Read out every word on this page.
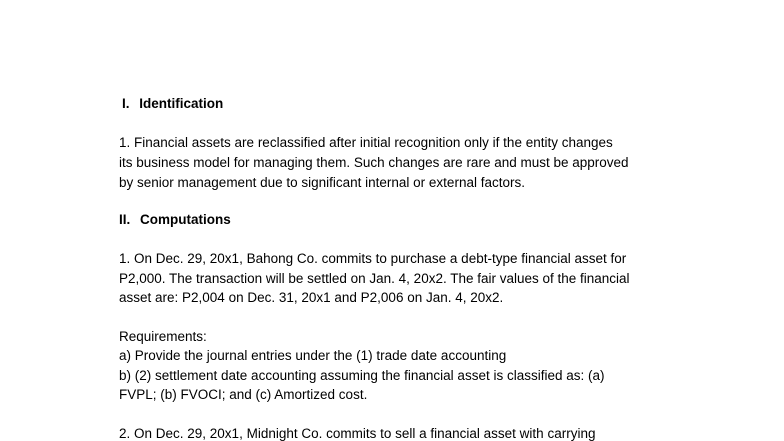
I. Identification
1. Financial assets are reclassified after initial recognition only if the entity changes
its business model for managing them. Such changes are rare and must be approved
by senior management due to significant internal or external factors.
II. Computations
1. On Dec. 29, 20x1, Bahong Co. commits to purchase a debt-type financial asset for
P2,000. The transaction will be settled on Jan. 4, 20x2. The fair values of the financial
asset are: P2,004 on Dec. 31, 20x1 and P2,006 on Jan. 4, 20x2.
Requirements:
a) Provide the journal entries under the (1) trade date accounting
b) (2) settlement date accounting assuming the financial asset is classified as: (a)
FVPL; (b) FVOCI; and (c) Amortized cost.
2. On Dec. 29, 20x1, Midnight Co. commits to sell a financial asset with carrying
